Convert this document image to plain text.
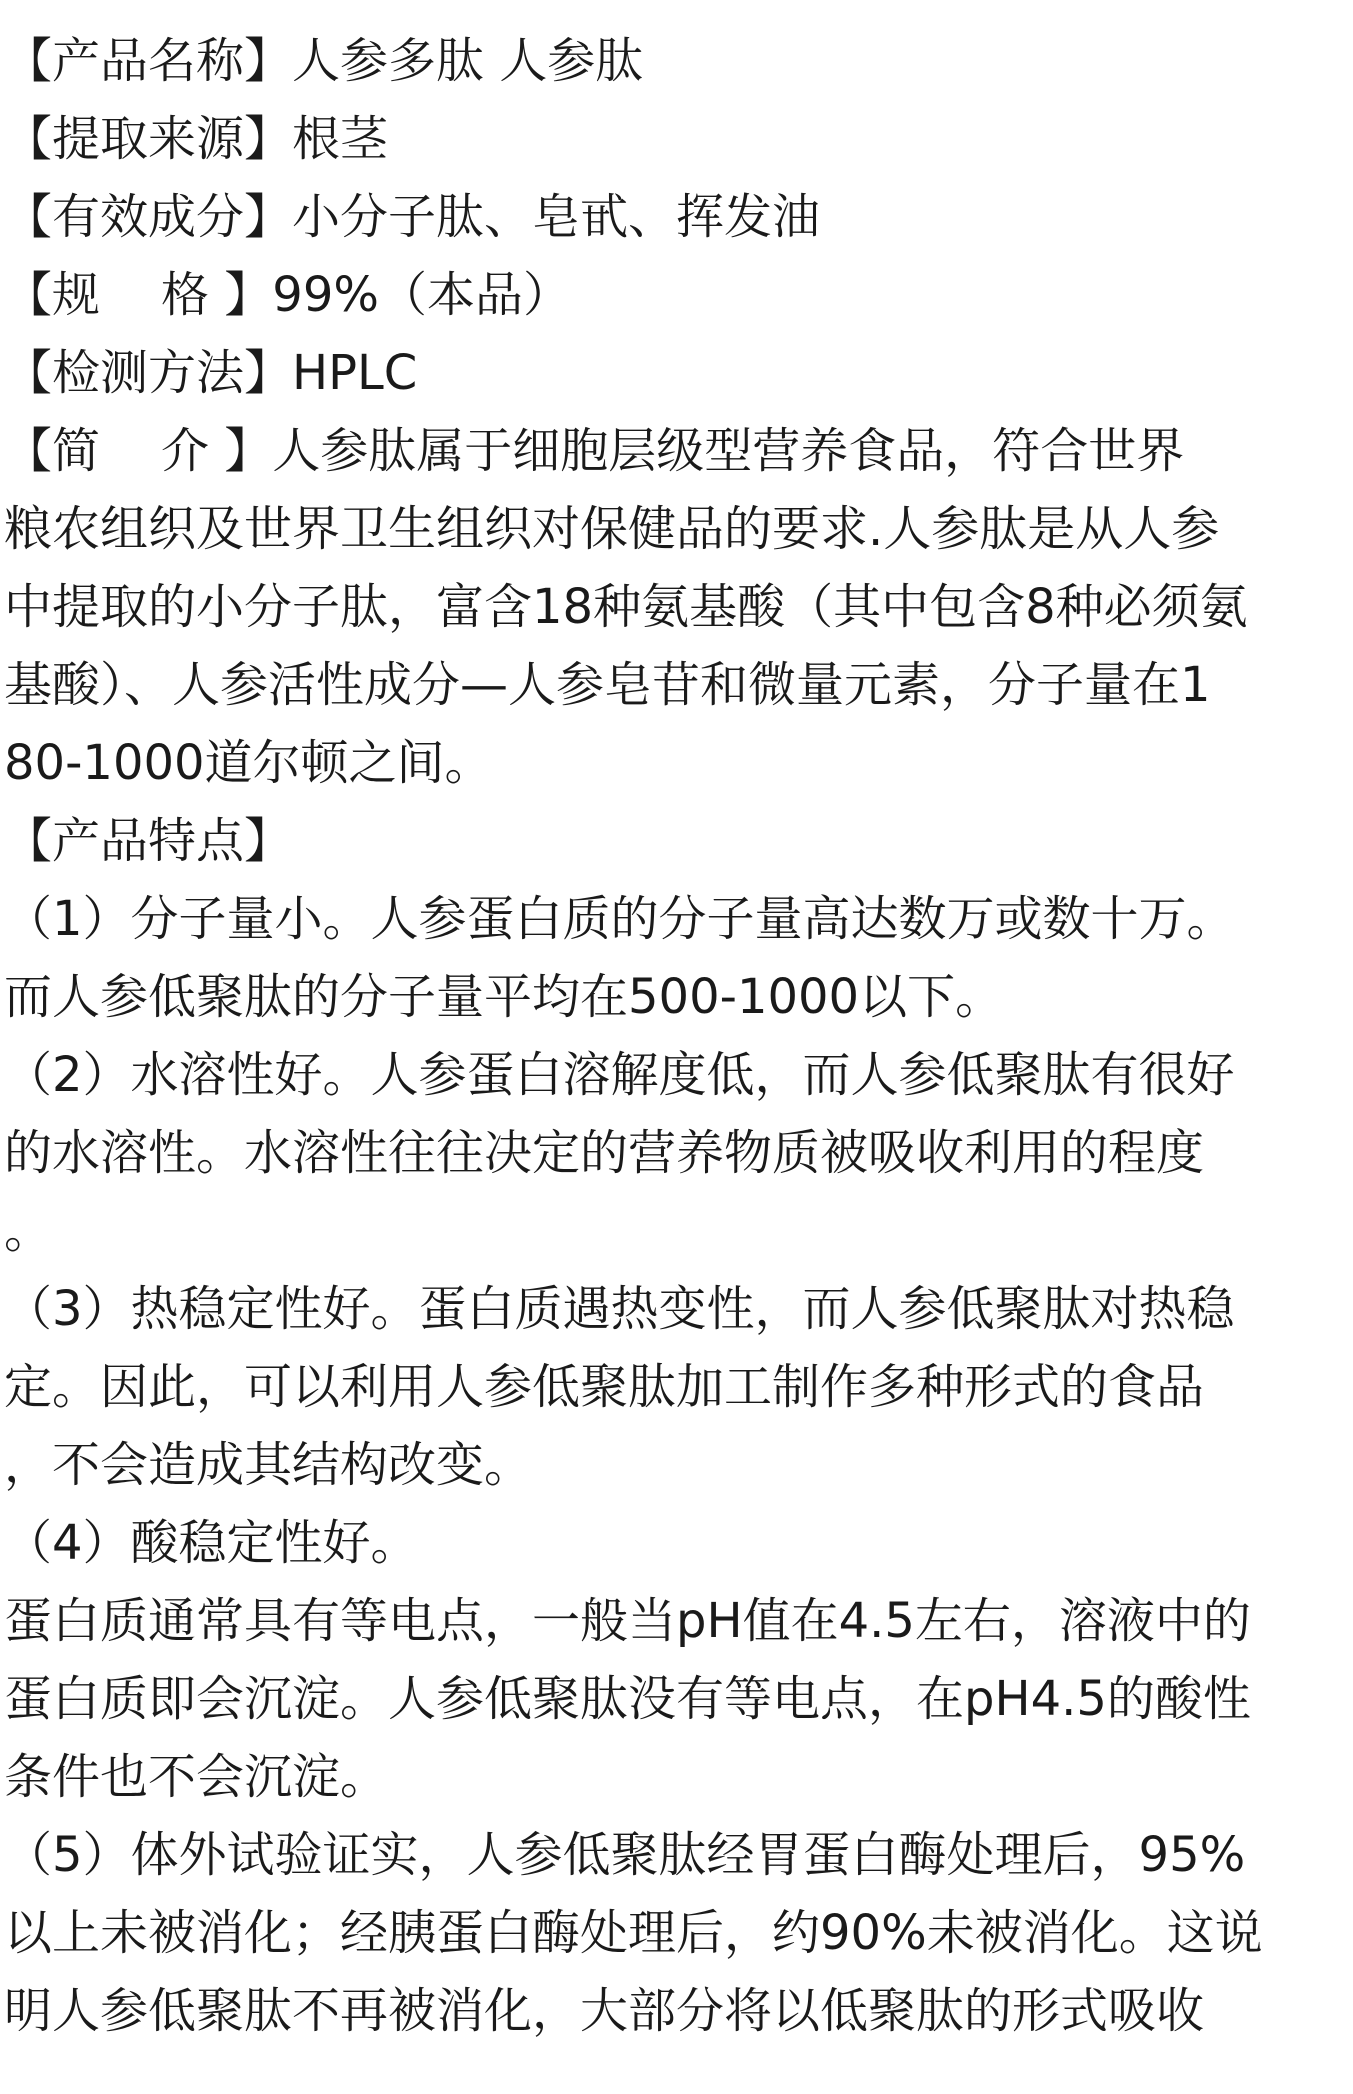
【产品名称】人参多肽 人参肽
【提取来源】根茎
【有效成分】小分子肽、皂甙、挥发油
【规    格 】99%（本品）
【检测方法】HPLC
【简    介 】人参肽属于细胞层级型营养食品，符合世界
粮农组织及世界卫生组织对保健品的要求.人参肽是从人参
中提取的小分子肽，富含18种氨基酸（其中包含8种必须氨
基酸）、人参活性成分—人参皂苷和微量元素，分子量在1
80-1000道尔顿之间。
【产品特点】
（1）分子量小。人参蛋白质的分子量高达数万或数十万。
而人参低聚肽的分子量平均在500-1000以下。
（2）水溶性好。人参蛋白溶解度低，而人参低聚肽有很好
的水溶性。水溶性往往决定的营养物质被吸收利用的程度
。
（3）热稳定性好。蛋白质遇热变性，而人参低聚肽对热稳
定。因此，可以利用人参低聚肽加工制作多种形式的食品
，不会造成其结构改变。
（4）酸稳定性好。
蛋白质通常具有等电点，一般当pH值在4.5左右，溶液中的
蛋白质即会沉淀。人参低聚肽没有等电点，在pH4.5的酸性
条件也不会沉淀。
（5）体外试验证实，人参低聚肽经胃蛋白酶处理后，95%
以上未被消化；经胰蛋白酶处理后，约90%未被消化。这说
明人参低聚肽不再被消化，大部分将以低聚肽的形式吸收
